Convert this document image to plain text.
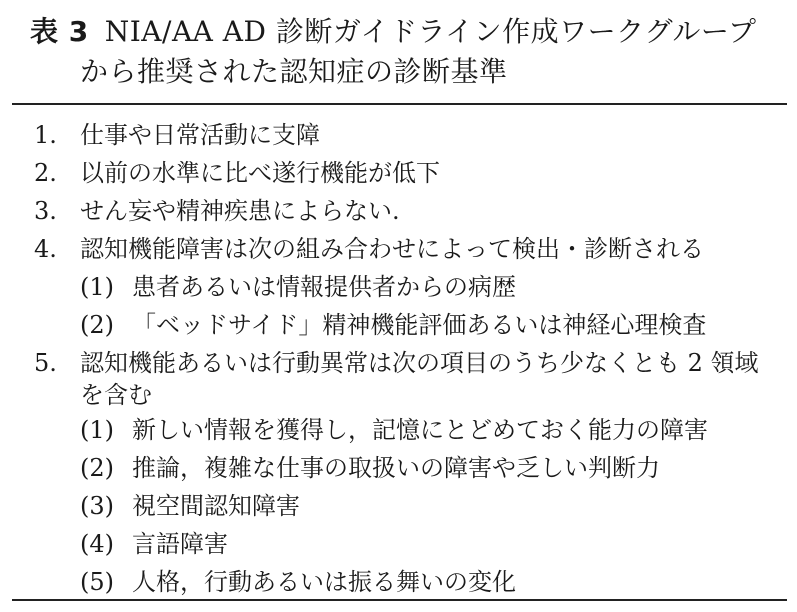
表 3 NIA/AA AD 診断ガイドライン作成ワークグループ
から推奨された認知症の診断基準
1. 仕事や日常活動に支障
2. 以前の水準に比べ遂行機能が低下
3. せん妄や精神疾患によらない.
4. 認知機能障害は次の組み合わせによって検出・診断される
(1) 患者あるいは情報提供者からの病歴
(2) 「ベッドサイド」精神機能評価あるいは神経心理検査
5. 認知機能あるいは行動異常は次の項目のうち少なくとも 2 領域を含む
(1) 新しい情報を獲得し，記憶にとどめておく能力の障害
(2) 推論，複雑な仕事の取扱いの障害や乏しい判断力
(3) 視空間認知障害
(4) 言語障害
(5) 人格，行動あるいは振る舞いの変化
